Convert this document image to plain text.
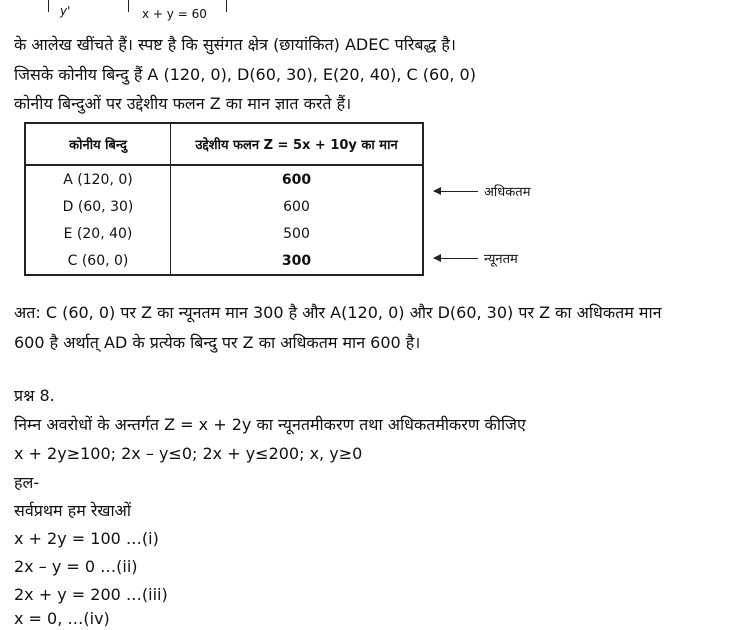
y'	x + y = 60
के आलेख खींचते हैं। स्पष्ट है कि सुसंगत क्षेत्र (छायांकित) ADEC परिबद्ध है।
जिसके कोनीय बिन्दु हैं A (120, 0), D(60, 30), E(20, 40), C (60, 0)
कोनीय बिन्दुओं पर उद्देशीय फलन Z का मान ज्ञात करते हैं।
कोनीय बिन्दु	उद्देशीय फलन Z = 5x + 10y का मान
A (120, 0)	600
D (60, 30)	600
E (20, 40)	500
C (60, 0)	300
अधिकतम
न्यूनतम
अत: C (60, 0) पर Z का न्यूनतम मान 300 है और A(120, 0) और D(60, 30) पर Z का अधिकतम मान
600 है अर्थात् AD के प्रत्येक बिन्दु पर Z का अधिकतम मान 600 है।
प्रश्न 8.
निम्न अवरोधों के अन्तर्गत Z = x + 2y का न्यूनतमीकरण तथा अधिकतमीकरण कीजिए
x + 2y≥100; 2x – y≤0; 2x + y≤200; x, y≥0
हल-
सर्वप्रथम हम रेखाओं
x + 2y = 100 …(i)
2x – y = 0 …(ii)
2x + y = 200 …(iii)
x = 0, …(iv)
